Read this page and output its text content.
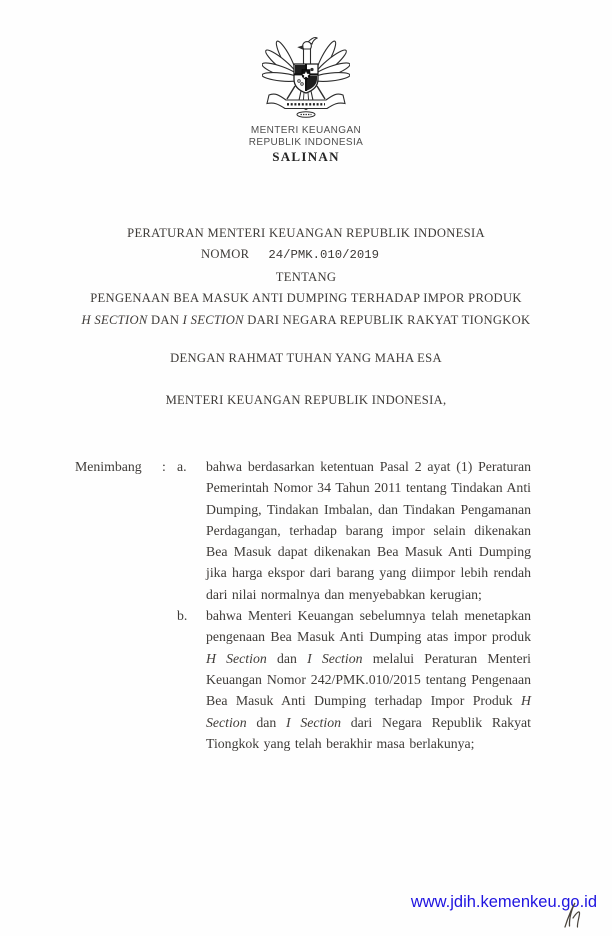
MENTERI KEUANGAN
REPUBLIK INDONESIA
SALINAN
PERATURAN MENTERI KEUANGAN REPUBLIK INDONESIA
NOMOR 24/PMK.010/2019
TENTANG
PENGENAAN BEA MASUK ANTI DUMPING TERHADAP IMPOR PRODUK
H SECTION DAN I SECTION DARI NEGARA REPUBLIK RAKYAT TIONGKOK
DENGAN RAHMAT TUHAN YANG MAHA ESA
MENTERI KEUANGAN REPUBLIK INDONESIA,
Menimbang	: a.	bahwa berdasarkan ketentuan Pasal 2 ayat (1) Peraturan Pemerintah Nomor 34 Tahun 2011 tentang Tindakan Anti Dumping, Tindakan Imbalan, dan Tindakan Pengamanan Perdagangan, terhadap barang impor selain dikenakan Bea Masuk dapat dikenakan Bea Masuk Anti Dumping jika harga ekspor dari barang yang diimpor lebih rendah dari nilai normalnya dan menyebabkan kerugian;
b.	bahwa Menteri Keuangan sebelumnya telah menetapkan pengenaan Bea Masuk Anti Dumping atas impor produk H Section dan I Section melalui Peraturan Menteri Keuangan Nomor 242/PMK.010/2015 tentang Pengenaan Bea Masuk Anti Dumping terhadap Impor Produk H Section dan I Section dari Negara Republik Rakyat Tiongkok yang telah berakhir masa berlakunya;
www.jdih.kemenkeu.go.id
